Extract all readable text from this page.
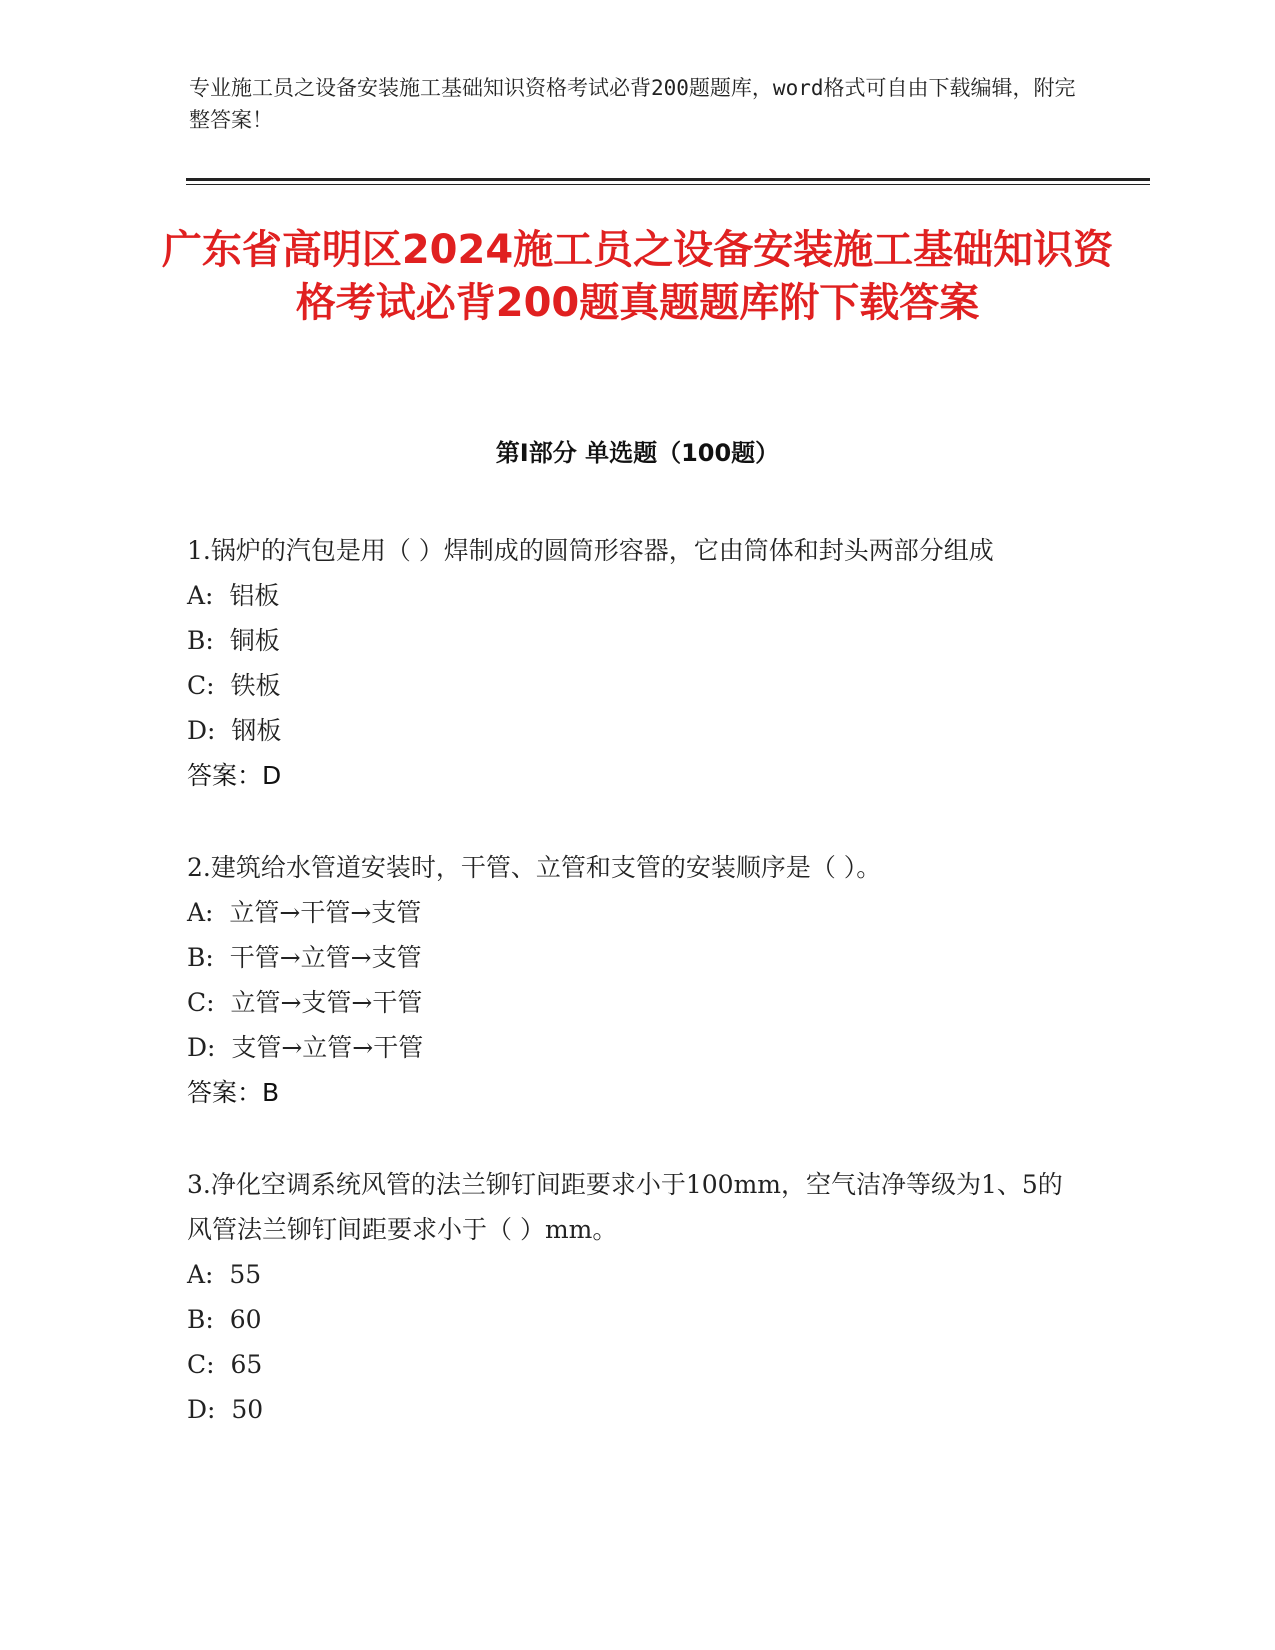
专业施工员之设备安装施工基础知识资格考试必背200题题库，word格式可自由下载编辑，附完整答案！
广东省高明区2024施工员之设备安装施工基础知识资格考试必背200题真题题库附下载答案
第Ⅰ部分 单选题（100题）

1.锅炉的汽包是用（ ）焊制成的圆筒形容器，它由筒体和封头两部分组成

A:  铝板

B:  铜板

C:  铁板

D:  钢板

答案：D

2.建筑给水管道安装时，干管、立管和支管的安装顺序是（ ）。

A:  立管→干管→支管

B:  干管→立管→支管

C:  立管→支管→干管

D:  支管→立管→干管

答案：B

3.净化空调系统风管的法兰铆钉间距要求小于100mm，空气洁净等级为1、5的风管法兰铆钉间距要求小于（ ）mm。

A:  55

B:  60

C:  65

D:  50
